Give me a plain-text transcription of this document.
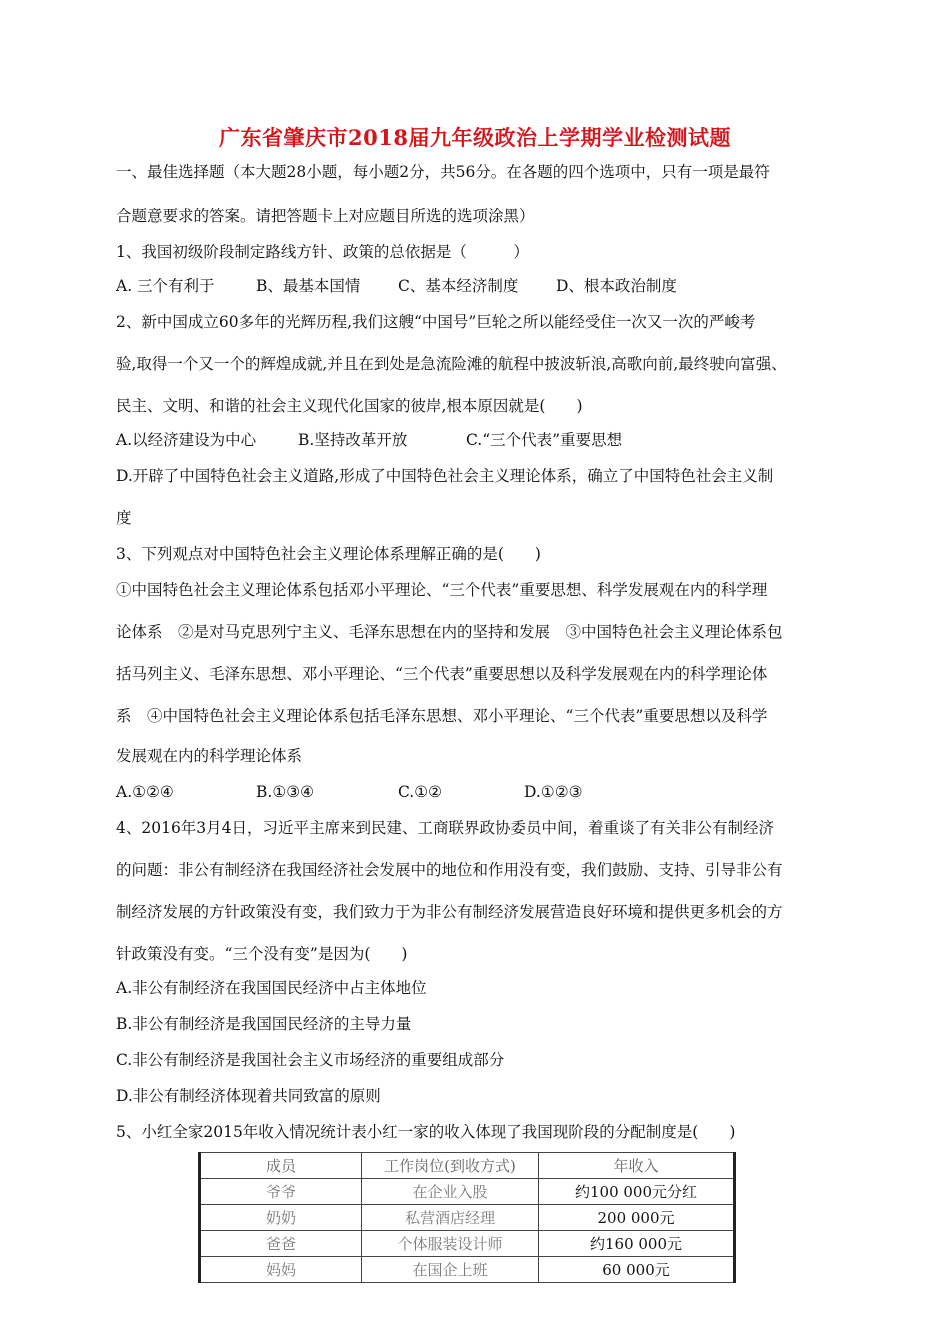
广东省肇庆市2018届九年级政治上学期学业检测试题
一、最佳选择题（本大题28小题，每小题2分，共56分。在各题的四个选项中，只有一项是最符
合题意要求的答案。请把答题卡上对应题目所选的选项涂黑）
1、我国初级阶段制定路线方针、政策的总依据是（　　　）
A. 三个有利于	B、最基本国情 C、基本经济制度 D、根本政治制度
2、新中国成立60多年的光辉历程,我们这艘“中国号”巨轮之所以能经受住一次又一次的严峻考
验,取得一个又一个的辉煌成就,并且在到处是急流险滩的航程中披波斩浪,高歌向前,最终驶向富强、
民主、文明、和谐的社会主义现代化国家的彼岸,根本原因就是(　　)
A.以经济建设为中心	B.坚持改革开放	C.“三个代表”重要思想
D.开辟了中国特色社会主义道路,形成了中国特色社会主义理论体系，确立了中国特色社会主义制
度
3、下列观点对中国特色社会主义理论体系理解正确的是(　　)
①中国特色社会主义理论体系包括邓小平理论、“三个代表”重要思想、科学发展观在内的科学理
论体系　②是对马克思列宁主义、毛泽东思想在内的坚持和发展　③中国特色社会主义理论体系包
括马列主义、毛泽东思想、邓小平理论、“三个代表”重要思想以及科学发展观在内的科学理论体
系　④中国特色社会主义理论体系包括毛泽东思想、邓小平理论、“三个代表”重要思想以及科学
发展观在内的科学理论体系
A.①②④	B.①③④	C.①②	D.①②③
4、2016年3月4日，习近平主席来到民建、工商联界政协委员中间，着重谈了有关非公有制经济
的问题：非公有制经济在我国经济社会发展中的地位和作用没有变，我们鼓励、支持、引导非公有
制经济发展的方针政策没有变，我们致力于为非公有制经济发展营造良好环境和提供更多机会的方
针政策没有变。“三个没有变”是因为(　　)
A.非公有制经济在我国国民经济中占主体地位
B.非公有制经济是我国国民经济的主导力量
C.非公有制经济是我国社会主义市场经济的重要组成部分
D.非公有制经济体现着共同致富的原则
5、小红全家2015年收入情况统计表小红一家的收入体现了我国现阶段的分配制度是(　　)
成员	工作岗位(到收方式)	年收入
爷爷	在企业入股	约100 000元分红
奶奶	私营酒店经理	200 000元
爸爸	个体服装设计师	约160 000元
妈妈	在国企上班	60 000元
